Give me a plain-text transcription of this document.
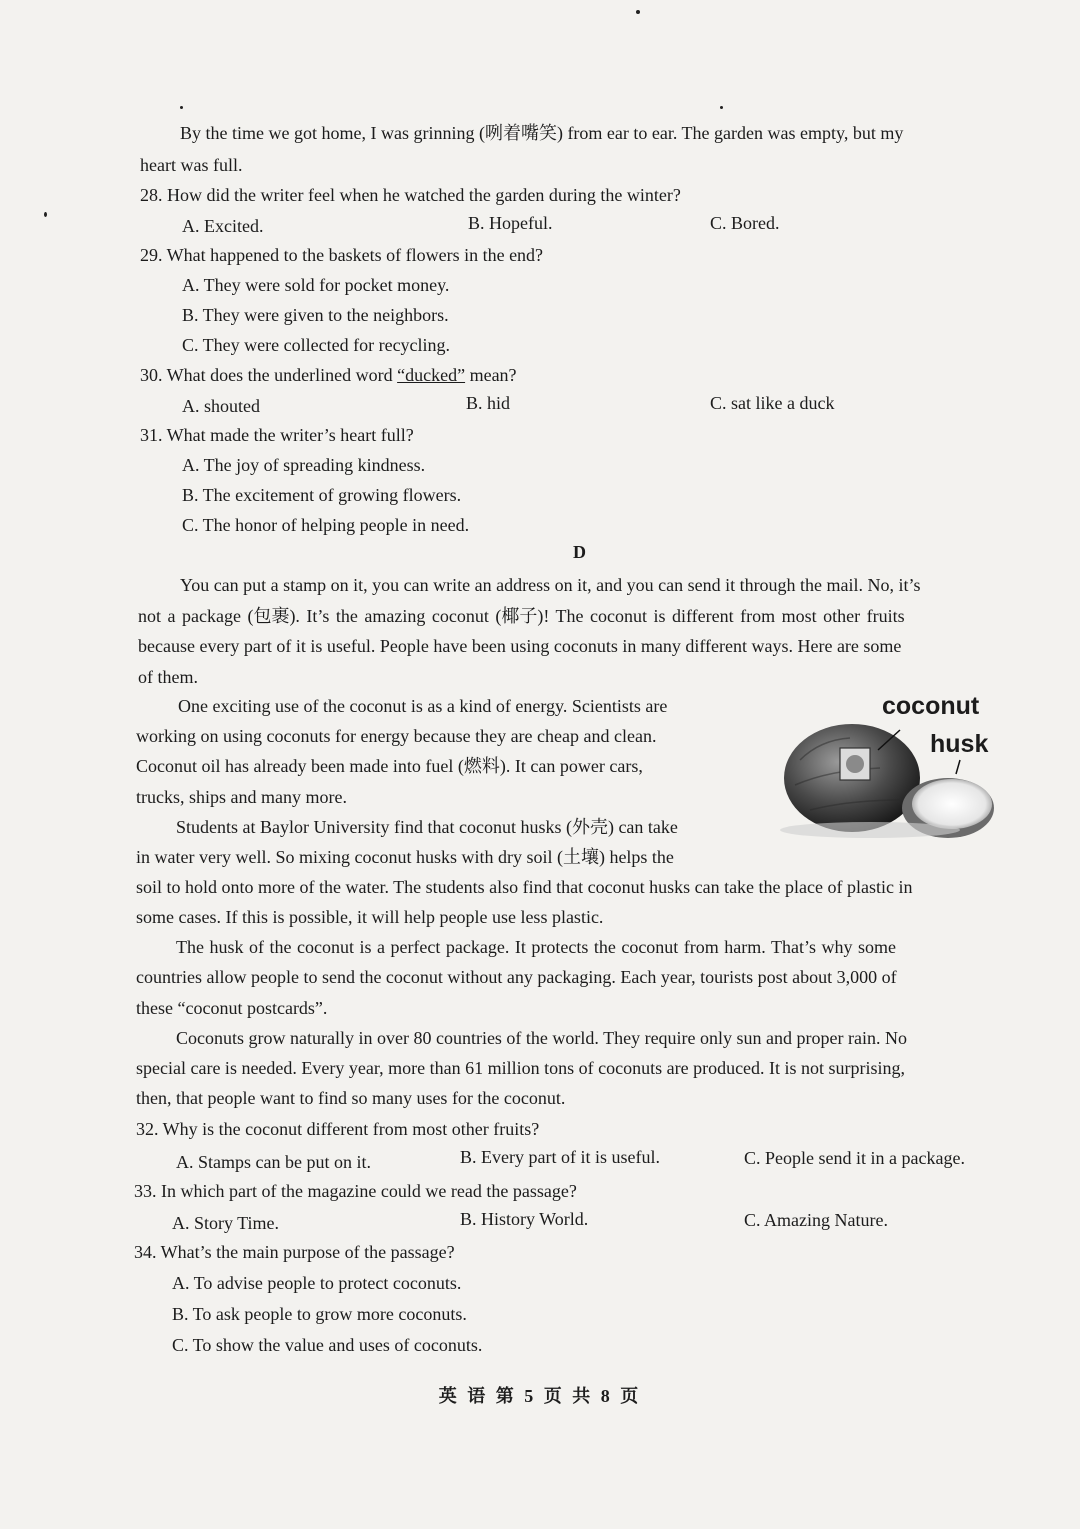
By the time we got home, I was grinning (咧着嘴笑) from ear to ear. The garden was empty, but my
heart was full.
28. How did the writer feel when he watched the garden during the winter?
A. Excited.	B. Hopeful.	C. Bored.
29. What happened to the baskets of flowers in the end?
A. They were sold for pocket money.
B. They were given to the neighbors.
C. They were collected for recycling.
30. What does the underlined word “ducked” mean?
A. shouted	B. hid	C. sat like a duck
31. What made the writer’s heart full?
A. The joy of spreading kindness.
B. The excitement of growing flowers.
C. The honor of helping people in need.
D
You can put a stamp on it, you can write an address on it, and you can send it through the mail. No, it’s
not a package (包裹). It’s the amazing coconut (椰子)! The coconut is different from most other fruits
because every part of it is useful. People have been using coconuts in many different ways. Here are some
of them.
One exciting use of the coconut is as a kind of energy. Scientists are
working on using coconuts for energy because they are cheap and clean.
Coconut oil has already been made into fuel (燃料). It can power cars,
trucks, ships and many more.
Students at Baylor University find that coconut husks (外壳) can take
in water very well. So mixing coconut husks with dry soil (土壤) helps the
soil to hold onto more of the water. The students also find that coconut husks can take the place of plastic in
some cases. If this is possible, it will help people use less plastic.
The husk of the coconut is a perfect package. It protects the coconut from harm. That’s why some
countries allow people to send the coconut without any packaging. Each year, tourists post about 3,000 of
these “coconut postcards”.
Coconuts grow naturally in over 80 countries of the world. They require only sun and proper rain. No
special care is needed. Every year, more than 61 million tons of coconuts are produced. It is not surprising,
then, that people want to find so many uses for the coconut.
coconut
husk
32. Why is the coconut different from most other fruits?
A. Stamps can be put on it.	B. Every part of it is useful.	C. People send it in a package.
33. In which part of the magazine could we read the passage?
A. Story Time.	B. History World.	C. Amazing Nature.
34. What’s the main purpose of the passage?
A. To advise people to protect coconuts.
B. To ask people to grow more coconuts.
C. To show the value and uses of coconuts.
英 语 第 5 页 共 8 页
